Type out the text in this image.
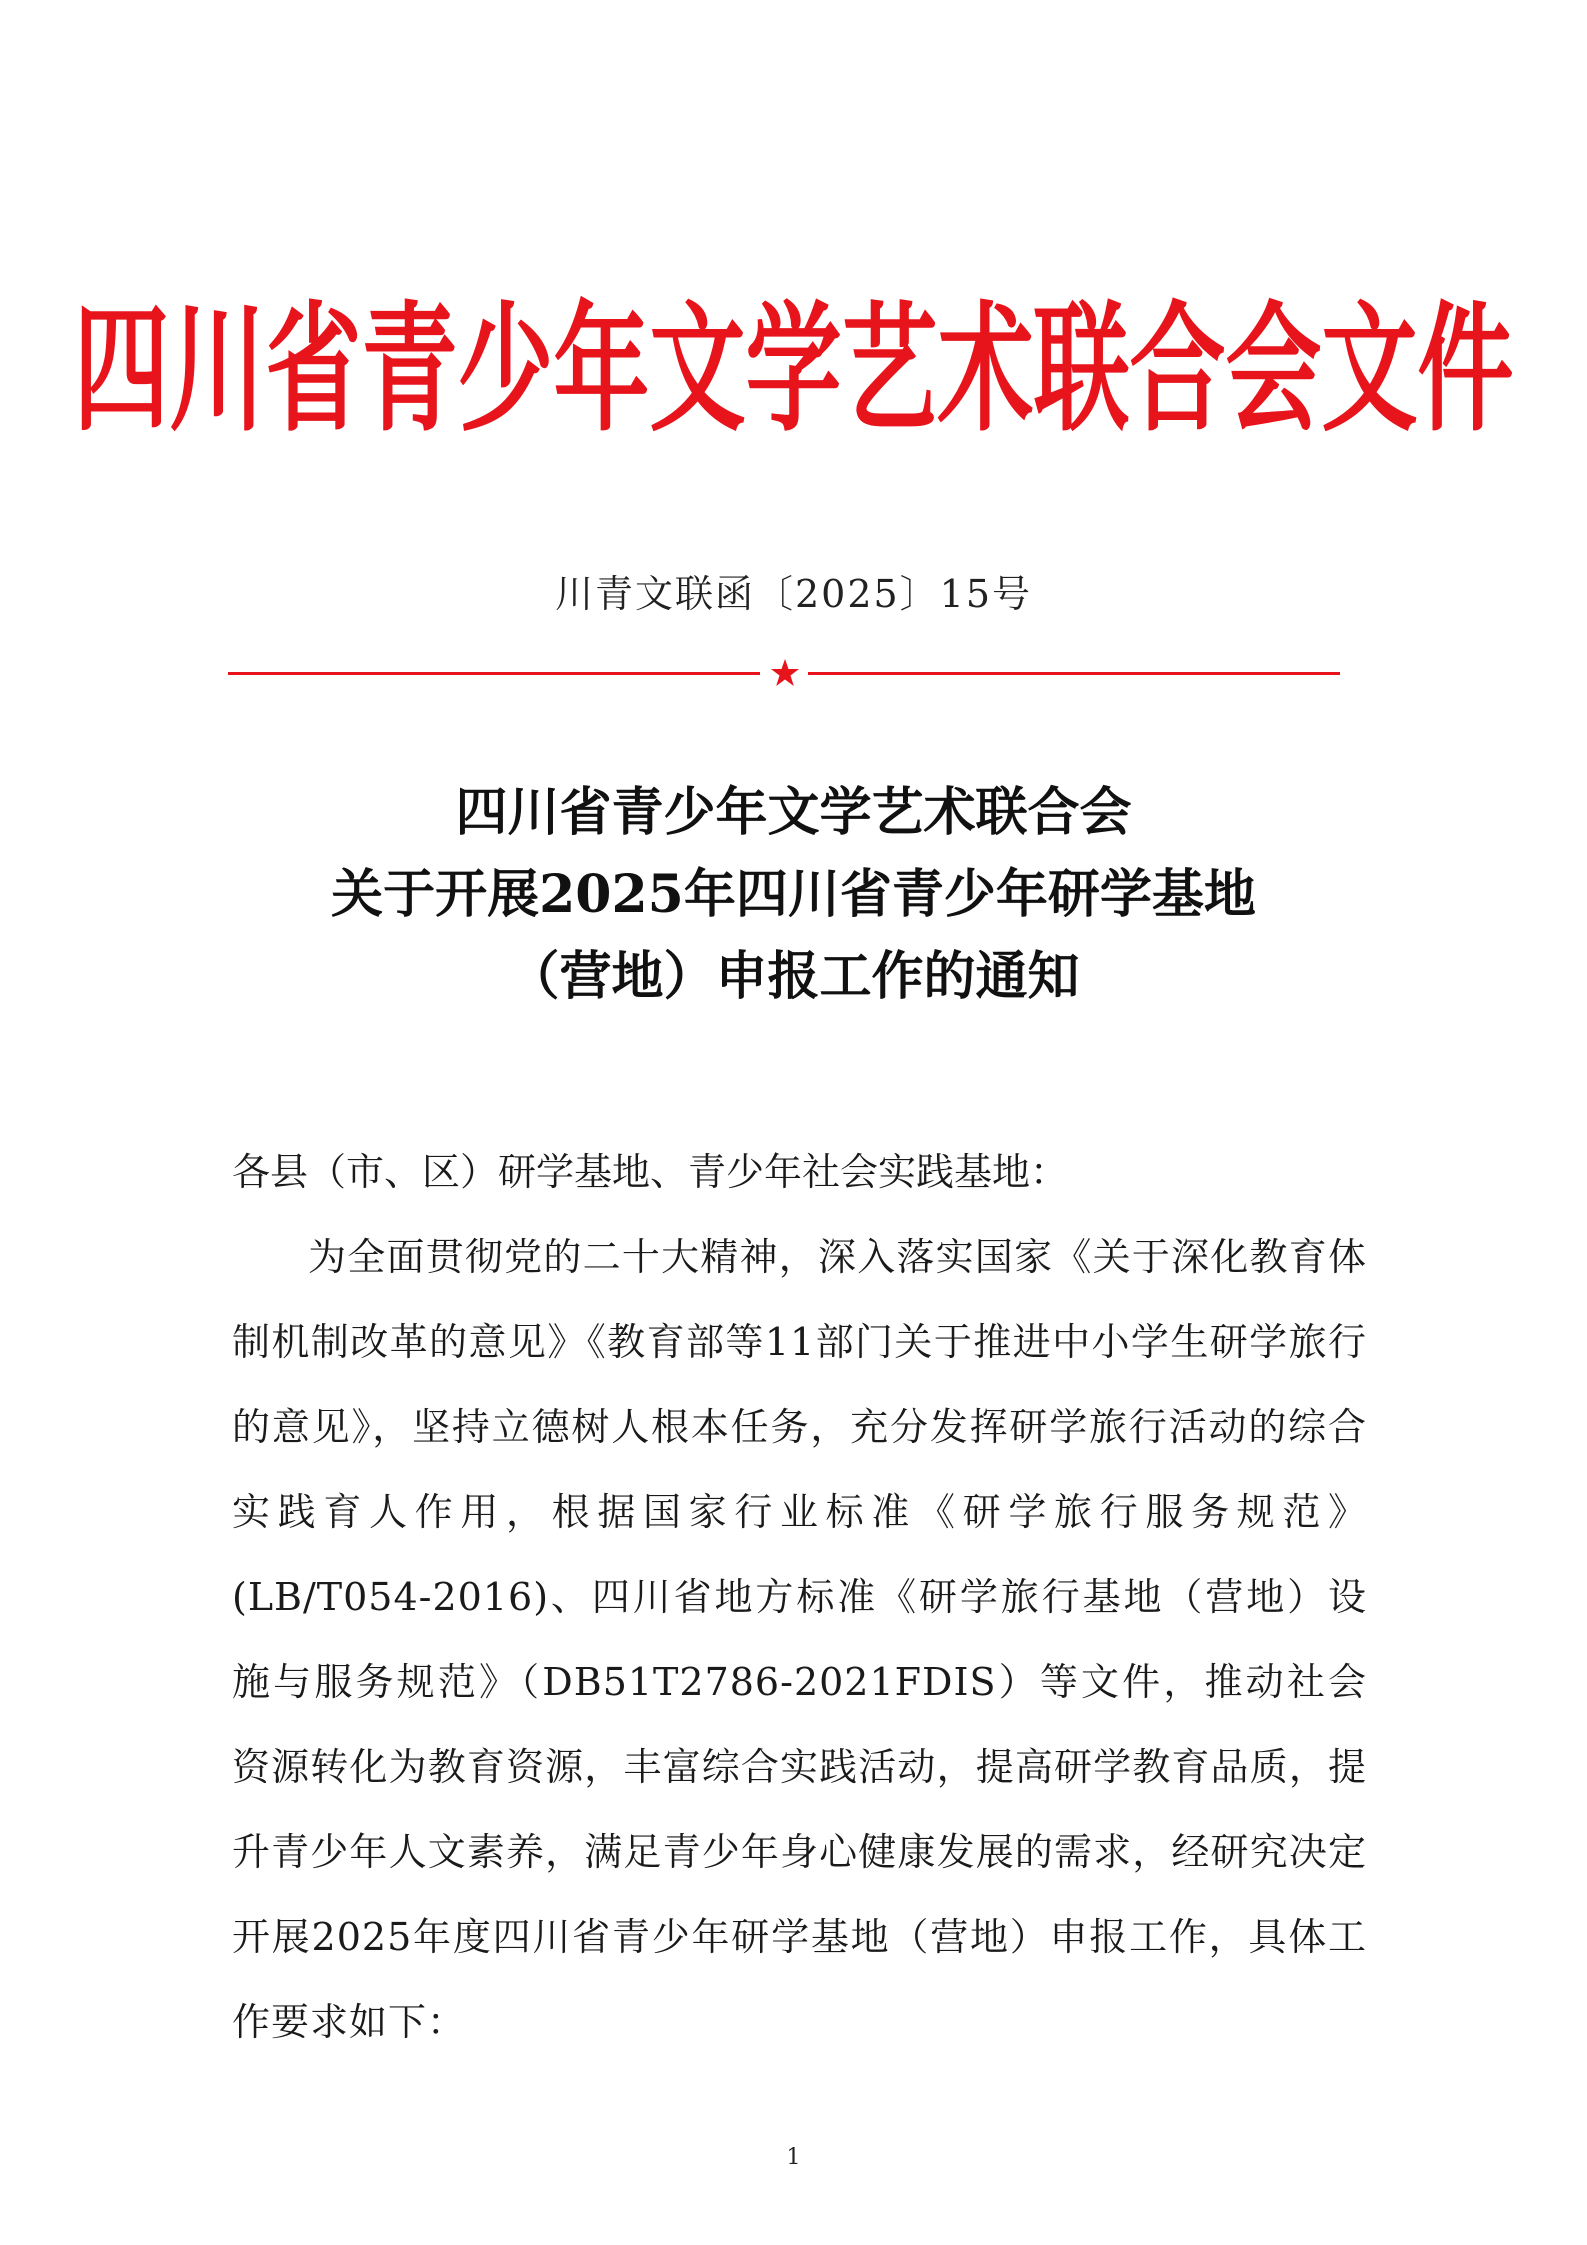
四川省青少年文学艺术联合会文件
川青文联函〔2025〕15号
四川省青少年文学艺术联合会
关于开展2025年四川省青少年研学基地
（营地）申报工作的通知
各县（市、区）研学基地、青少年社会实践基地：
为全面贯彻党的二十大精神，深入落实国家《关于深化教育体制机制改革的意见》《教育部等11部门关于推进中小学生研学旅行的意见》，坚持立德树人根本任务，充分发挥研学旅行活动的综合实践育人作用，根据国家行业标准《研学旅行服务规范》(LB/T054-2016)、四川省地方标准《研学旅行基地（营地）设施与服务规范》（DB51T2786-2021FDIS）等文件，推动社会资源转化为教育资源，丰富综合实践活动，提高研学教育品质，提升青少年人文素养，满足青少年身心健康发展的需求，经研究决定开展2025年度四川省青少年研学基地（营地）申报工作，具体工作要求如下：
1
